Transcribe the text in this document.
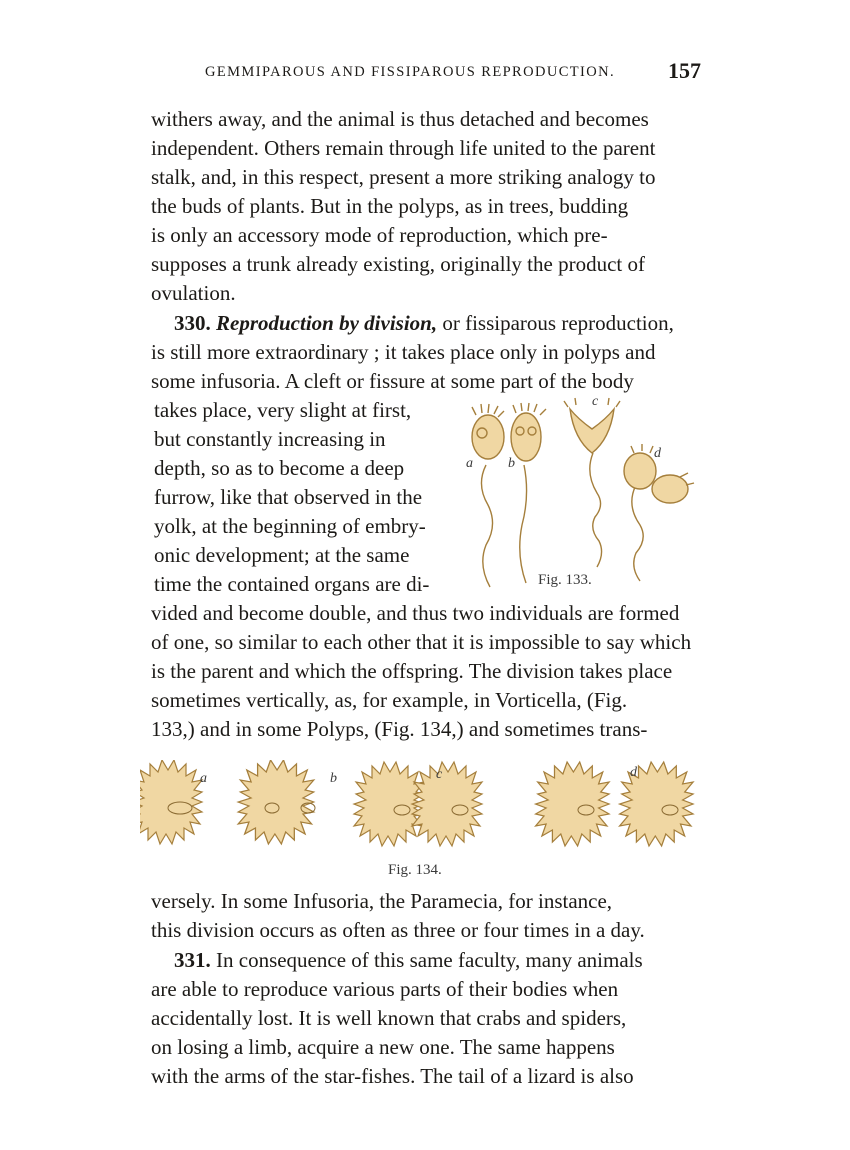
GEMMIPAROUS AND FISSIPAROUS REPRODUCTION. 157
withers away, and the animal is thus detached and becomes
independent. Others remain through life united to the parent
stalk, and, in this respect, present a more striking analogy to
the buds of plants. But in the polyps, as in trees, budding
is only an accessory mode of reproduction, which pre-
supposes a trunk already existing, originally the product of
ovulation.
330.
Reproduction by division,
or fissiparous reproduction,
is still more extraordinary ; it takes place only in polyps and
some infusoria. A cleft or fissure at some part of the body
takes place, very slight at first,
but constantly increasing in
depth, so as to become a deep
furrow, like that observed in the
yolk, at the beginning of embry-
onic development; at the same
time the contained organs are di-
vided and become double, and thus two individuals are formed
of one, so similar to each other that it is impossible to say which
is the parent and which the offspring. The division takes place
sometimes vertically, as, for example, in Vorticella, (Fig.
133,) and in some Polyps, (Fig. 134,) and sometimes trans-
a	b
c
d
Fig. 133.
a	b	c	d
Fig. 134.
versely. In some Infusoria, the Paramecia, for instance,
this division occurs as often as three or four times in a day.
331.
In consequence of this same faculty, many animals
are able to reproduce various parts of their bodies when
accidentally lost. It is well known that crabs and spiders,
on losing a limb, acquire a new one. The same happens
with the arms of the star-fishes. The tail of a lizard is also
